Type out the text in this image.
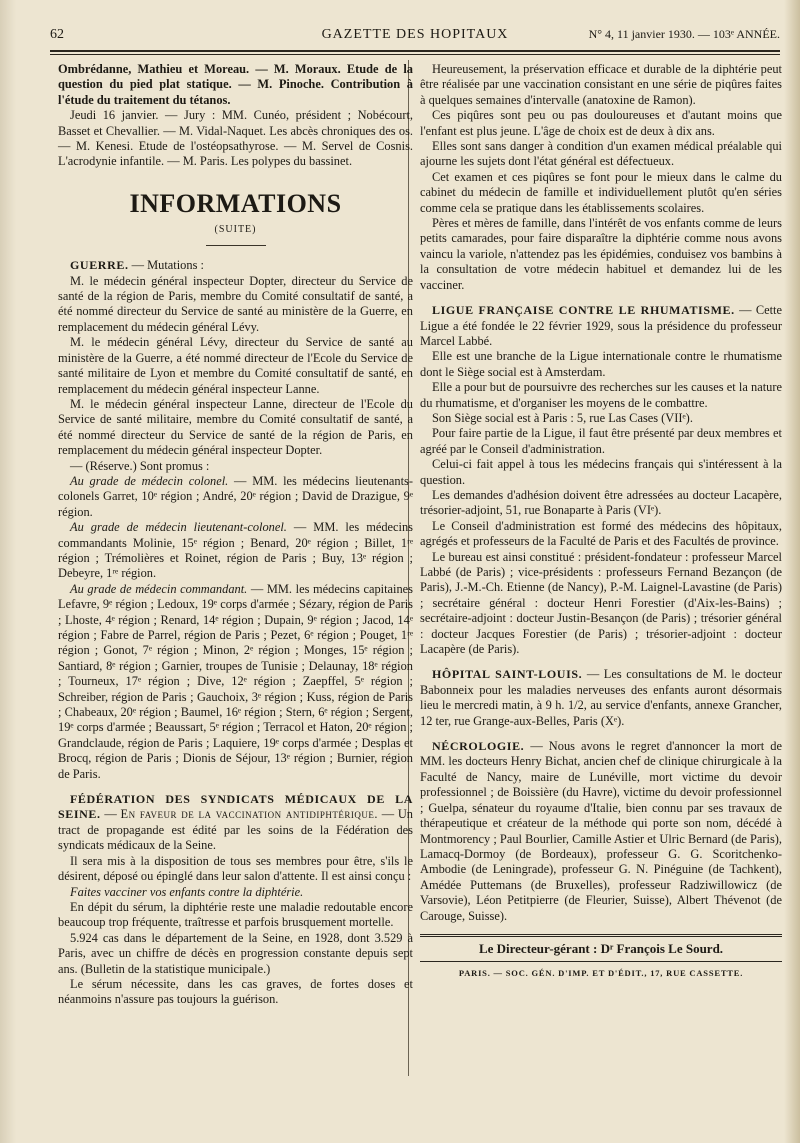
62	GAZETTE DES HOPITAUX	N° 4, 11 janvier 1930. — 103ᵉ ANNÉE.

Ombrédanne, Mathieu et Moreau. — M. Moraux. Etude de la question du pied plat statique. — M. Pinoche. Contribution à l'étude du traitement du tétanos.

Jeudi 16 janvier. — Jury : MM. Cunéo, président ; Nobécourt, Basset et Chevallier. — M. Vidal-Naquet. Les abcès chroniques des os. — M. Kenesi. Etude de l'ostéopsathyrose. — M. Servel de Cosnis. L'acrodynie infantile. — M. Paris. Les polypes du bassinet.

INFORMATIONS
(SUITE)

GUERRE. — Mutations :

M. le médecin général inspecteur Dopter, directeur du Service de santé de la région de Paris, membre du Comité consultatif de santé, a été nommé directeur du Service de santé au ministère de la Guerre, en remplacement du médecin général Lévy.

M. le médecin général Lévy, directeur du Service de santé au ministère de la Guerre, a été nommé directeur de l'Ecole du Service de santé militaire de Lyon et membre du Comité consultatif de santé, en remplacement du médecin général inspecteur Lanne.

M. le médecin général inspecteur Lanne, directeur de l'Ecole du Service de santé militaire, membre du Comité consultatif de santé, a été nommé directeur du Service de santé de la région de Paris, en remplacement du médecin général inspecteur Dopter.

— (Réserve.) Sont promus :

Au grade de médecin colonel. — MM. les médecins lieutenants-colonels Garret, 10ᵉ région ; André, 20ᵉ région ; David de Drazigue, 9ᵉ région.

Au grade de médecin lieutenant-colonel. — MM. les médecins commandants Molinie, 15ᵉ région ; Benard, 20ᵉ région ; Billet, 1ʳᵉ région ; Trémolières et Roinet, région de Paris ; Buy, 13ᵉ région ; Debeyre, 1ʳᵉ région.

Au grade de médecin commandant. — MM. les médecins capitaines Lefavre, 9ᵉ région ; Ledoux, 19ᵉ corps d'armée ; Sézary, région de Paris ; Lhoste, 4ᵉ région ; Renard, 14ᵉ région ; Dupain, 9ᵉ région ; Jacod, 14ᵉ région ; Fabre de Parrel, région de Paris ; Pezet, 6ᵉ région ; Pouget, 1ʳᵉ région ; Gonot, 7ᵉ région ; Minon, 2ᵉ région ; Monges, 15ᵉ région ; Santiard, 8ᵉ région ; Garnier, troupes de Tunisie ; Delaunay, 18ᵉ région ; Tourneux, 17ᵉ région ; Dive, 12ᵉ région ; Zaepffel, 5ᵉ région ; Schreiber, région de Paris ; Gauchoix, 3ᵉ région ; Kuss, région de Paris ; Chabeaux, 20ᵉ région ; Baumel, 16ᵉ région ; Stern, 6ᵉ région ; Sergent, 19ᵉ corps d'armée ; Beaussart, 5ᵉ région ; Terracol et Haton, 20ᵉ région ; Grandclaude, région de Paris ; Laquiere, 19ᵉ corps d'armée ; Desplas et Brocq, région de Paris ; Dionis de Séjour, 13ᵉ région ; Burnier, région de Paris.

FÉDÉRATION DES SYNDICATS MÉDICAUX DE LA SEINE. — En faveur de la vaccination antidiphtérique. — Un tract de propagande est édité par les soins de la Fédération des syndicats médicaux de la Seine.

Il sera mis à la disposition de tous ses membres pour être, s'ils le désirent, déposé ou épinglé dans leur salon d'attente. Il est ainsi conçu :

Faites vacciner vos enfants contre la diphtérie.

En dépit du sérum, la diphtérie reste une maladie redoutable encore beaucoup trop fréquente, traîtresse et parfois brusquement mortelle.

5.924 cas dans le département de la Seine, en 1928, dont 3.529 à Paris, avec un chiffre de décès en progression constante depuis sept ans. (Bulletin de la statistique municipale.)

Le sérum nécessite, dans les cas graves, de fortes doses et néanmoins n'assure pas toujours la guérison.

Heureusement, la préservation efficace et durable de la diphtérie peut être réalisée par une vaccination consistant en une série de piqûres faites à quelques semaines d'intervalle (anatoxine de Ramon).

Ces piqûres sont peu ou pas douloureuses et d'autant moins que l'enfant est plus jeune. L'âge de choix est de deux à dix ans.

Elles sont sans danger à condition d'un examen médical préalable qui ajourne les sujets dont l'état général est défectueux.

Cet examen et ces piqûres se font pour le mieux dans le calme du cabinet du médecin de famille et individuellement plutôt qu'en séries comme cela se pratique dans les établissements scolaires.

Pères et mères de famille, dans l'intérêt de vos enfants comme de leurs petits camarades, pour faire disparaître la diphtérie comme nous avons vaincu la variole, n'attendez pas les épidémies, conduisez vos bambins à la consultation de votre médecin habituel et demandez lui de les vacciner.

LIGUE FRANÇAISE CONTRE LE RHUMATISME. — Cette Ligue a été fondée le 22 février 1929, sous la présidence du professeur Marcel Labbé.

Elle est une branche de la Ligue internationale contre le rhumatisme dont le Siège social est à Amsterdam.

Elle a pour but de poursuivre des recherches sur les causes et la nature du rhumatisme, et d'organiser les moyens de le combattre.

Son Siège social est à Paris : 5, rue Las Cases (VIIᵉ).

Pour faire partie de la Ligue, il faut être présenté par deux membres et agréé par le Conseil d'administration.

Celui-ci fait appel à tous les médecins français qui s'intéressent à la question.

Les demandes d'adhésion doivent être adressées au docteur Lacapère, trésorier-adjoint, 51, rue Bonaparte à Paris (VIᵉ).

Le Conseil d'administration est formé des médecins des hôpitaux, agrégés et professeurs de la Faculté de Paris et des Facultés de province.

Le bureau est ainsi constitué : président-fondateur : professeur Marcel Labbé (de Paris) ; vice-présidents : professeurs Fernand Bezançon (de Paris), J.-M.-Ch. Etienne (de Nancy), P.-M. Laignel-Lavastine (de Paris) ; secrétaire général : docteur Henri Forestier (d'Aix-les-Bains) ; secrétaire-adjoint : docteur Justin-Besançon (de Paris) ; trésorier général : docteur Jacques Forestier (de Paris) ; trésorier-adjoint : docteur Lacapère (de Paris).

HÔPITAL SAINT-LOUIS. — Les consultations de M. le docteur Babonneix pour les maladies nerveuses des enfants auront désormais lieu le mercredi matin, à 9 h. 1/2, au service d'enfants, annexe Grancher, 12 ter, rue Grange-aux-Belles, Paris (Xᵉ).

NÉCROLOGIE. — Nous avons le regret d'annoncer la mort de MM. les docteurs Henry Bichat, ancien chef de clinique chirurgicale à la Faculté de Nancy, maire de Lunéville, mort victime du devoir professionnel ; de Boissière (du Havre), victime du devoir professionnel ; Guelpa, sénateur du royaume d'Italie, bien connu par ses travaux de thérapeutique et créateur de la méthode qui porte son nom, décédé à Montmorency ; Paul Bourlier, Camille Astier et Ulric Bernard (de Paris), Lamacq-Dormoy (de Bordeaux), professeur G. G. Scoritchenko-Ambodie (de Leningrade), professeur G. N. Pinéguine (de Tachkent), Amédée Puttemans (de Bruxelles), professeur Radziwillowicz (de Varsovie), Léon Petitpierre (de Fleurier, Suisse), Albert Thévenot (de Carouge, Suisse).

Le Directeur-gérant : Dʳ François Le Sourd.
PARIS. — SOC. GÉN. D'IMP. ET D'ÉDIT., 17, RUE CASSETTE.
